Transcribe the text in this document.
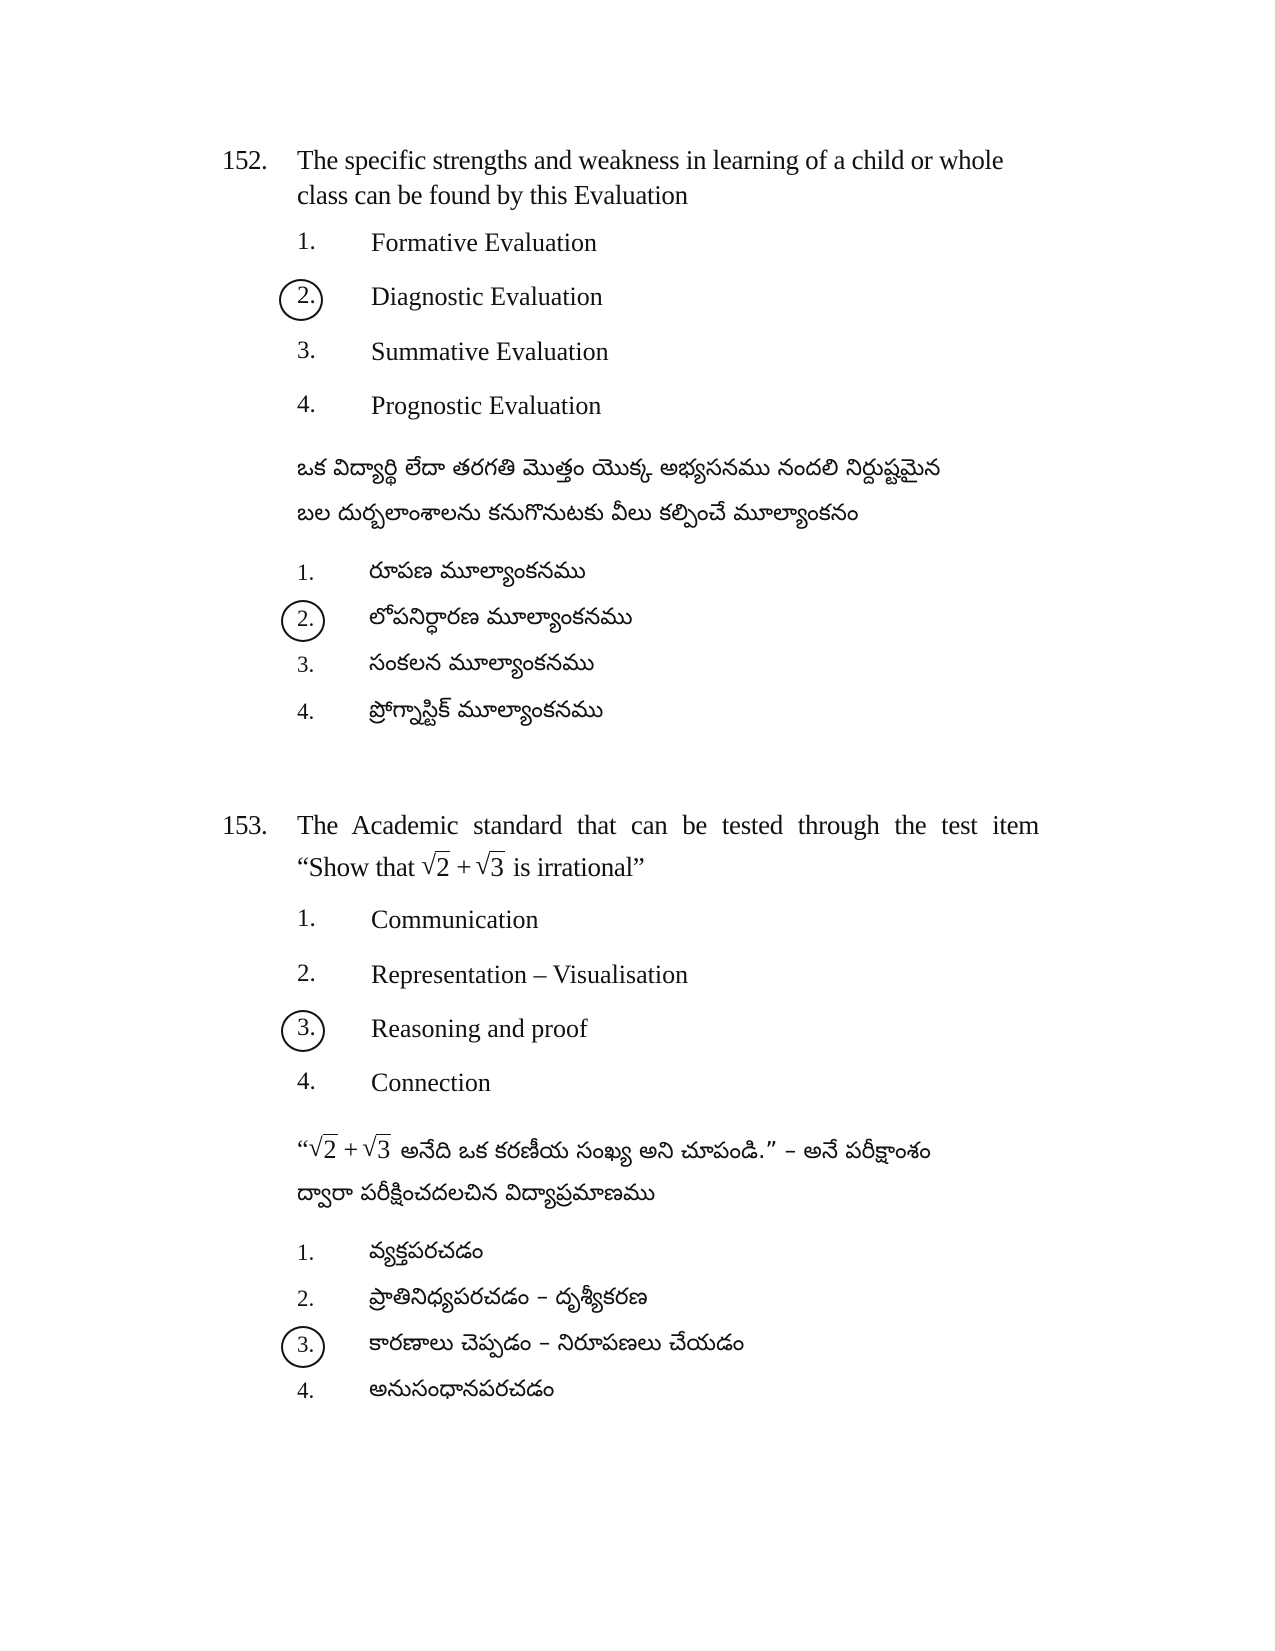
152. The specific strengths and weakness in learning of a child or whole
class can be found by this Evaluation
1.	Formative Evaluation
2.	Diagnostic Evaluation
3.	Summative Evaluation
4.	Prognostic Evaluation
ఒక విద్యార్థి లేదా తరగతి మొత్తం యొక్క అభ్యసనము నందలి నిర్దుష్టమైన
బల దుర్బలాంశాలను కనుగొనుటకు వీలు కల్పించే మూల్యాంకనం
1. రూపణ మూల్యాంకనము
2. లోపనిర్ధారణ మూల్యాంకనము
3. సంకలన మూల్యాంకనము
4. ప్రోగ్నాస్టిక్ మూల్యాంకనము
153. The Academic standard that can be tested through the test item
“Show that √ 2 + √ 3 is irrational”
1.	Communication
2.	Representation – Visualisation
3.	Reasoning and proof
4.	Connection
“ √ 2 + √ 3 అనేది ఒక కరణీయ సంఖ్య అని చూపండి.” – అనే పరీక్షాంశం
ద్వారా పరీక్షించదలచిన విద్యాప్రమాణము
1. వ్యక్తపరచడం
2. ప్రాతినిధ్యపరచడం – దృశ్యీకరణ
3. కారణాలు చెప్పడం – నిరూపణలు చేయడం
4. అనుసంధానపరచడం
